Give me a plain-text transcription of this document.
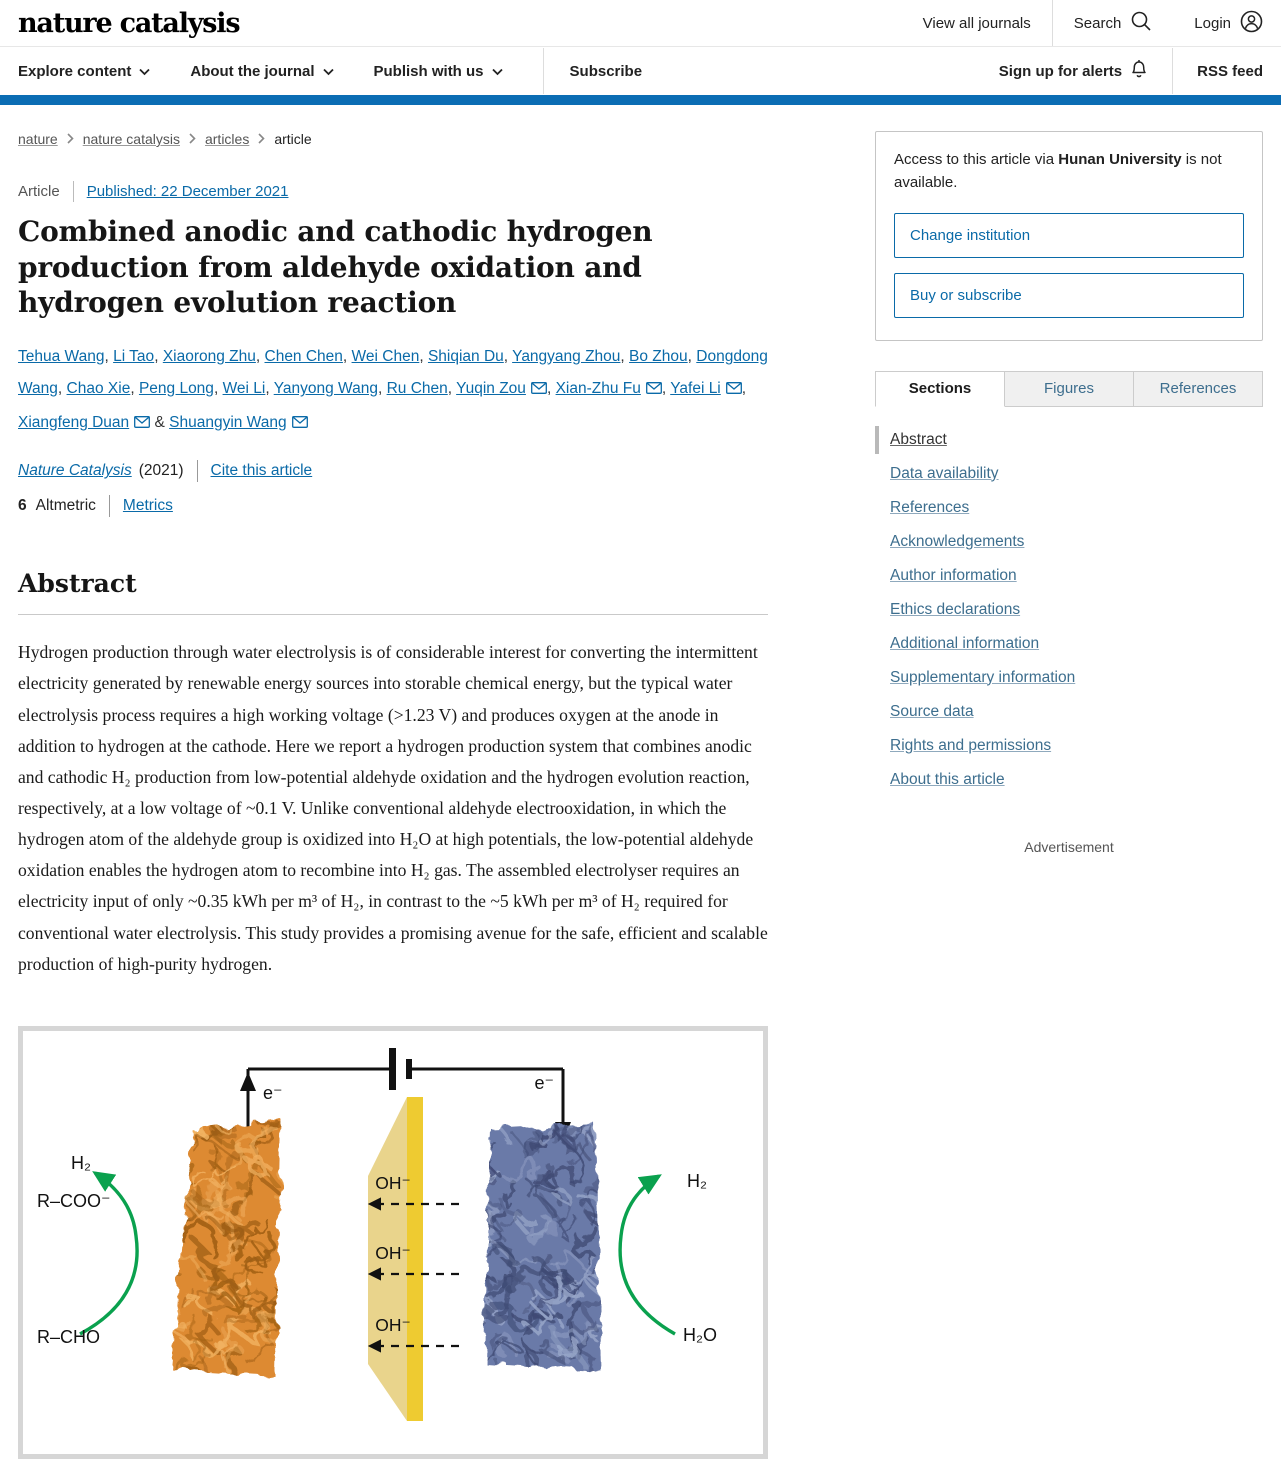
nature catalysis	View all journals	Search	Login
Explore content	About the journal	Publish with us	Subscribe	Sign up for alerts	RSS feed
nature nature catalysis articles article
Article Published: 22 December 2021
Combined anodic and cathodic hydrogen production from aldehyde oxidation and hydrogen evolution reaction

Tehua Wang, Li Tao, Xiaorong Zhu, Chen Chen, Wei Chen, Shiqian Du, Yangyang Zhou, Bo Zhou, Dongdong Wang, Chao Xie, Peng Long, Wei Li, Yanyong Wang, Ru Chen, Yuqin Zou , Xian-Zhu Fu , Yafei Li , Xiangfeng Duan & Shuangyin Wang

Nature Catalysis (2021) Cite this article
6 Altmetric Metrics
Abstract

Hydrogen production through water electrolysis is of considerable interest for converting the intermittent electricity generated by renewable energy sources into storable chemical energy, but the typical water electrolysis process requires a high working voltage (>1.23 V) and produces oxygen at the anode in addition to hydrogen at the cathode. Here we report a hydrogen production system that combines anodic and cathodic H₂ production from low-potential aldehyde oxidation and the hydrogen evolution reaction, respectively, at a low voltage of ~0.1 V. Unlike conventional aldehyde electrooxidation, in which the hydrogen atom of the aldehyde group is oxidized into H₂O at high potentials, the low-potential aldehyde oxidation enables the hydrogen atom to recombine into H₂ gas. The assembled electrolyser requires an electricity input of only ~0.35 kWh per m³ of H₂, in contrast to the ~5 kWh per m³ of H₂ required for conventional water electrolysis. This study provides a promising avenue for the safe, efficient and scalable production of high-purity hydrogen.

e⁻	e⁻
OH⁻
OH⁻
OH⁻
H₂
R–COO⁻
R–CHO
H₂
H₂O
Access to this article via Hunan University is not available.
Change institution
Buy or subscribe
Sections	Figures	References
Abstract
Data availability
References
Acknowledgements
Author information
Ethics declarations
Additional information
Supplementary information
Source data
Rights and permissions
About this article
Advertisement
